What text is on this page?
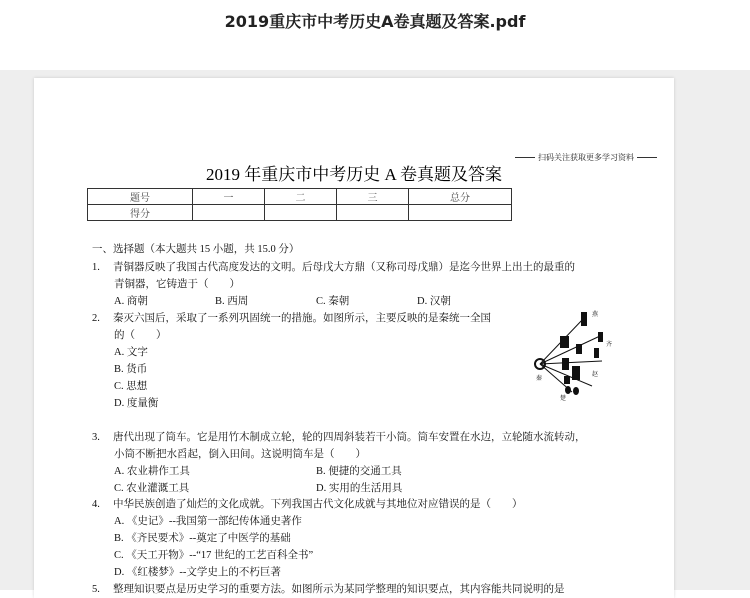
2019重庆市中考历史A卷真题及答案.pdf
扫码关注获取更多学习资料
2019 年重庆市中考历史 A 卷真题及答案
题号	一	二	三	总分
得分				
一、选择题（本大题共 15 小题，共 15.0 分）
1.　 青铜器反映了我国古代高度发达的文明。后母戊大方鼎（又称司母戊鼎）是迄今世界上出土的最重的
青铜器，它铸造于（　　）
A. 商朝	B. 西周	C. 秦朝	D. 汉朝
2.　 秦灭六国后，采取了一系列巩固统一的措施。如图所示，主要反映的是秦统一全国
的（　　）
A. 文字
B. 货币
C. 思想
D. 度量衡
燕
齐
秦
楚
赵
3.　 唐代出现了筒车。它是用竹木制成立轮，轮的四周斜装若干小筒。筒车安置在水边，立轮随水流转动，
小筒不断把水舀起，倒入田间。这说明筒车是（　　）
A. 农业耕作工具	B. 便捷的交通工具
C. 农业灌溉工具	D. 实用的生活用具
4.　 中华民族创造了灿烂的文化成就。下列我国古代文化成就与其地位对应错误的是（　　）
A. 《史记》--我国第一部纪传体通史著作
B. 《齐民要术》--奠定了中医学的基础
C. 《天工开物》--“17 世纪的工艺百科全书”
D. 《红楼梦》--文学史上的不朽巨著
5.　 整理知识要点是历史学习的重要方法。如图所示为某同学整理的知识要点，其内容能共同说明的是
